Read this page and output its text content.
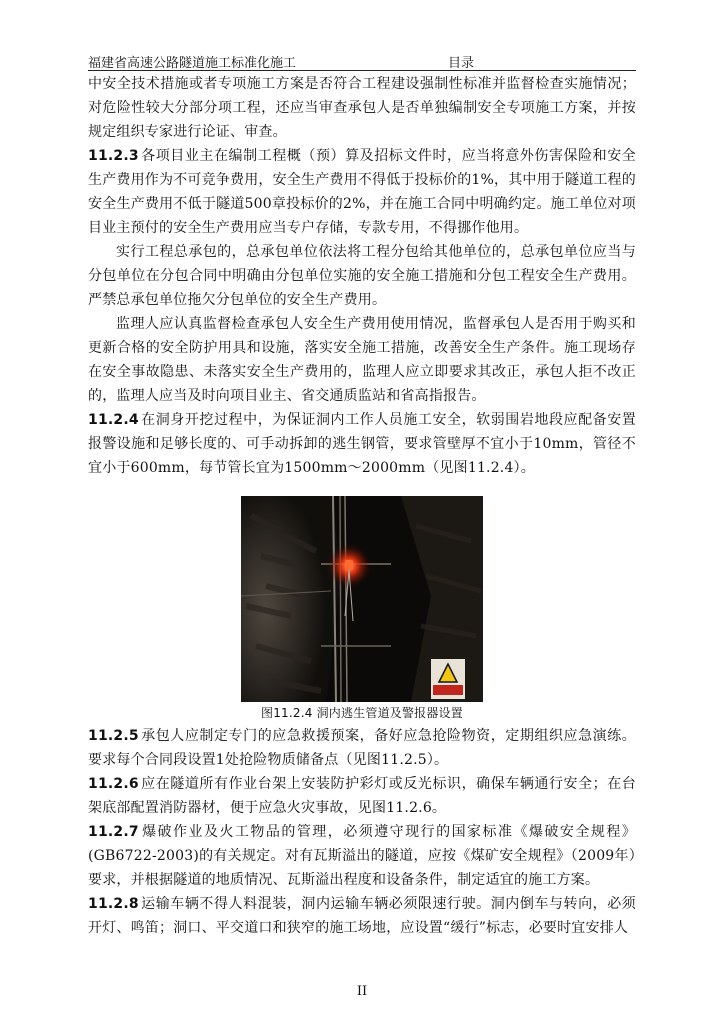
福建省高速公路隧道施工标准化施工	目录

中安全技术措施或者专项施工方案是否符合工程建设强制性标准并监督检查实施情况；对危险性较大分部分项工程，还应当审查承包人是否单独编制安全专项施工方案，并按规定组织专家进行论证、审查。

11.2.3 各项目业主在编制工程概（预）算及招标文件时，应当将意外伤害保险和安全生产费用作为不可竞争费用，安全生产费用不得低于投标价的1%，其中用于隧道工程的安全生产费用不低于隧道500章投标价的2%，并在施工合同中明确约定。施工单位对项目业主预付的安全生产费用应当专户存储，专款专用，不得挪作他用。

实行工程总承包的，总承包单位依法将工程分包给其他单位的，总承包单位应当与分包单位在分包合同中明确由分包单位实施的安全施工措施和分包工程安全生产费用。严禁总承包单位拖欠分包单位的安全生产费用。

监理人应认真监督检查承包人安全生产费用使用情况，监督承包人是否用于购买和更新合格的安全防护用具和设施，落实安全施工措施，改善安全生产条件。施工现场存在安全事故隐患、未落实安全生产费用的，监理人应立即要求其改正，承包人拒不改正的，监理人应当及时向项目业主、省交通质监站和省高指报告。

11.2.4 在洞身开挖过程中，为保证洞内工作人员施工安全，软弱围岩地段应配备安置报警设施和足够长度的、可手动拆卸的逃生钢管，要求管壁厚不宜小于10mm，管径不宜小于600mm，每节管长宜为1500mm～2000mm（见图11.2.4）。

图11.2.4 洞内逃生管道及警报器设置

11.2.5 承包人应制定专门的应急救援预案，备好应急抢险物资，定期组织应急演练。要求每个合同段设置1处抢险物质储备点（见图11.2.5）。

11.2.6 应在隧道所有作业台架上安装防护彩灯或反光标识，确保车辆通行安全；在台架底部配置消防器材，便于应急火灾事故，见图11.2.6。

11.2.7 爆破作业及火工物品的管理，必须遵守现行的国家标准《爆破安全规程》(GB6722-2003)的有关规定。对有瓦斯溢出的隧道，应按《煤矿安全规程》（2009年）要求，并根据隧道的地质情况、瓦斯溢出程度和设备条件，制定适宜的施工方案。

11.2.8 运输车辆不得人料混装，洞内运输车辆必须限速行驶。洞内倒车与转向，必须开灯、鸣笛；洞口、平交道口和狭窄的施工场地，应设置“缓行”标志，必要时宜安排人

II
